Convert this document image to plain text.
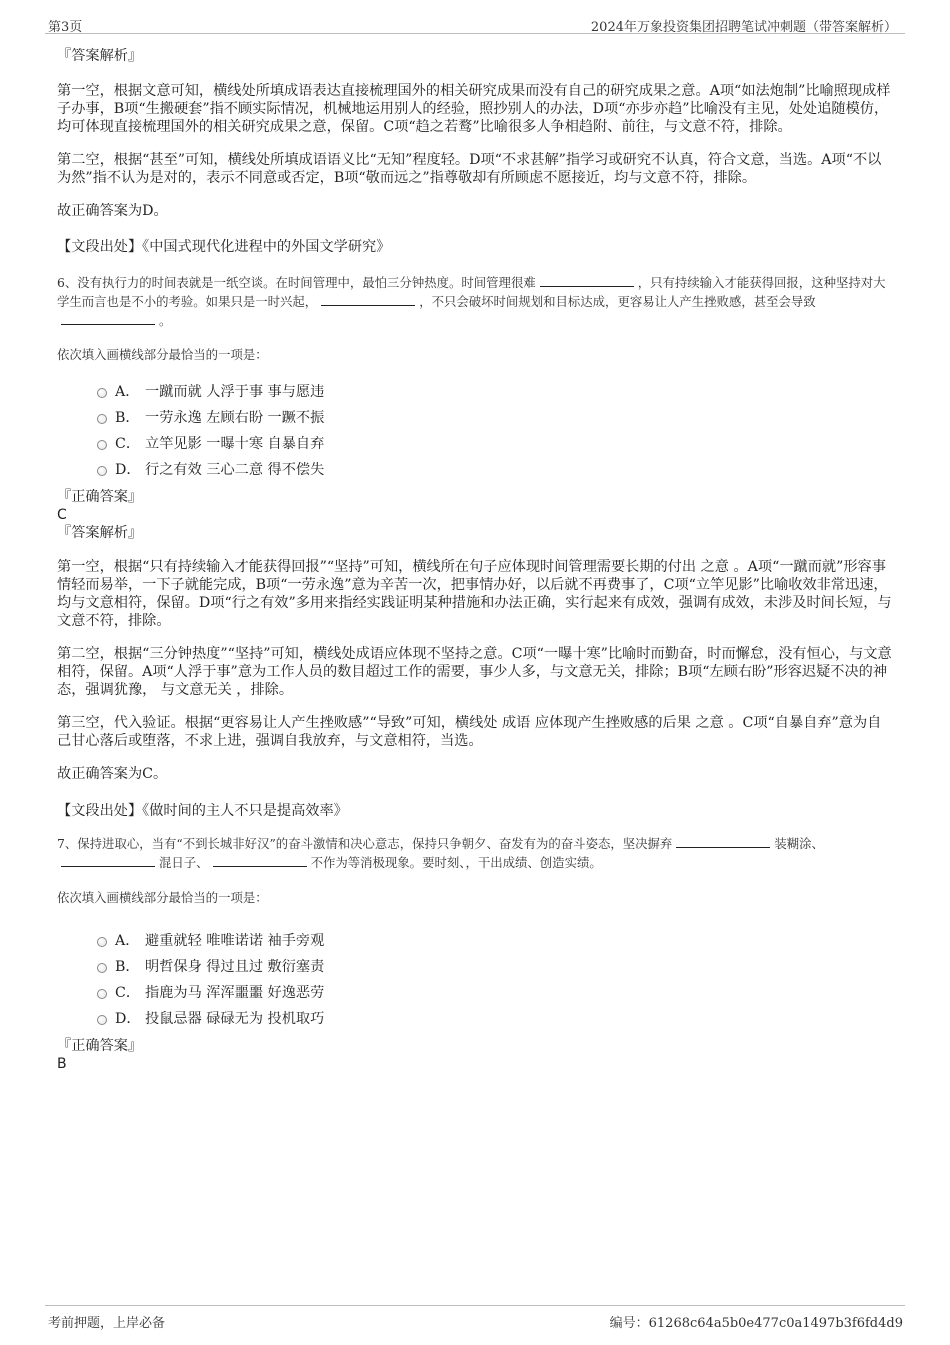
第3页	2024年万象投资集团招聘笔试冲刺题（带答案解析）
『答案解析』
第一空，根据文意可知，横线处所填成语表达直接梳理国外的相关研究成果而没有自己的研究成果之意。A项“如法炮制”比喻照现成样子办事，B项“生搬硬套”指不顾实际情况，机械地运用别人的经验，照抄别人的办法，D项“亦步亦趋”比喻没有主见，处处追随模仿，均可体现直接梳理国外的相关研究成果之意，保留。C项“趋之若鹜”比喻很多人争相趋附、前往，与文意不符，排除。
第二空，根据“甚至”可知，横线处所填成语语义比“无知”程度轻。D项“不求甚解”指学习或研究不认真，符合文意，当选。A项“不以为然”指不认为是对的，表示不同意或否定，B项“敬而远之”指尊敬却有所顾虑不愿接近，均与文意不符，排除。
故正确答案为D。
【文段出处】《中国式现代化进程中的外国文学研究》
6、没有执行力的时间表就是一纸空谈。在时间管理中，最怕三分钟热度。时间管理很难	，只有持续输入才能获得回报，这种坚持对大学生而言也是不小的考验。如果只是一时兴起，	，不只会破坏时间规划和目标达成，更容易让人产生挫败感，甚至会导致。
依次填入画横线部分最恰当的一项是：
A． 一蹴而就 人浮于事 事与愿违
B． 一劳永逸 左顾右盼 一蹶不振
C． 立竿见影 一曝十寒 自暴自弃
D． 行之有效 三心二意 得不偿失
『正确答案』
C
『答案解析』
第一空，根据“只有持续输入才能获得回报”“坚持”可知，横线所在句子应体现时间管理需要长期的付出 之意 。A项“一蹴而就”形容事情轻而易举，一下子就能完成，B项“一劳永逸”意为辛苦一次，把事情办好，以后就不再费事了，C项“立竿见影”比喻收效非常迅速，均与文意相符，保留。D项“行之有效”多用来指经实践证明某种措施和办法正确，实行起来有成效，强调有成效，未涉及时间长短，与文意不符，排除。
第二空，根据“三分钟热度”“坚持”可知，横线处成语应体现不坚持之意。C项“一曝十寒”比喻时而勤奋，时而懈怠，没有恒心，与文意相符，保留。A项“人浮于事”意为工作人员的数目超过工作的需要，事少人多，与文意无关，排除；B项“左顾右盼”形容迟疑不决的神态，强调犹豫， 与文意无关 ，排除。
第三空，代入验证。根据“更容易让人产生挫败感”“导致”可知，横线处 成语 应体现产生挫败感的后果 之意 。C项“自暴自弃”意为自己甘心落后或堕落，不求上进，强调自我放弃，与文意相符，当选。
故正确答案为C。
【文段出处】《做时间的主人不只是提高效率》
7、保持进取心，当有“不到长城非好汉”的奋斗激情和决心意志，保持只争朝夕、奋发有为的奋斗姿态，坚决摒弃	装糊涂、混日子、	不作为等消极现象。要时刻、，干出成绩、创造实绩。
依次填入画横线部分最恰当的一项是：
A． 避重就轻 唯唯诺诺 袖手旁观
B． 明哲保身 得过且过 敷衍塞责
C． 指鹿为马 浑浑噩噩 好逸恶劳
D． 投鼠忌器 碌碌无为 投机取巧
『正确答案』
B
考前押题，上岸必备	编号：61268c64a5b0e477c0a1497b3f6fd4d9
